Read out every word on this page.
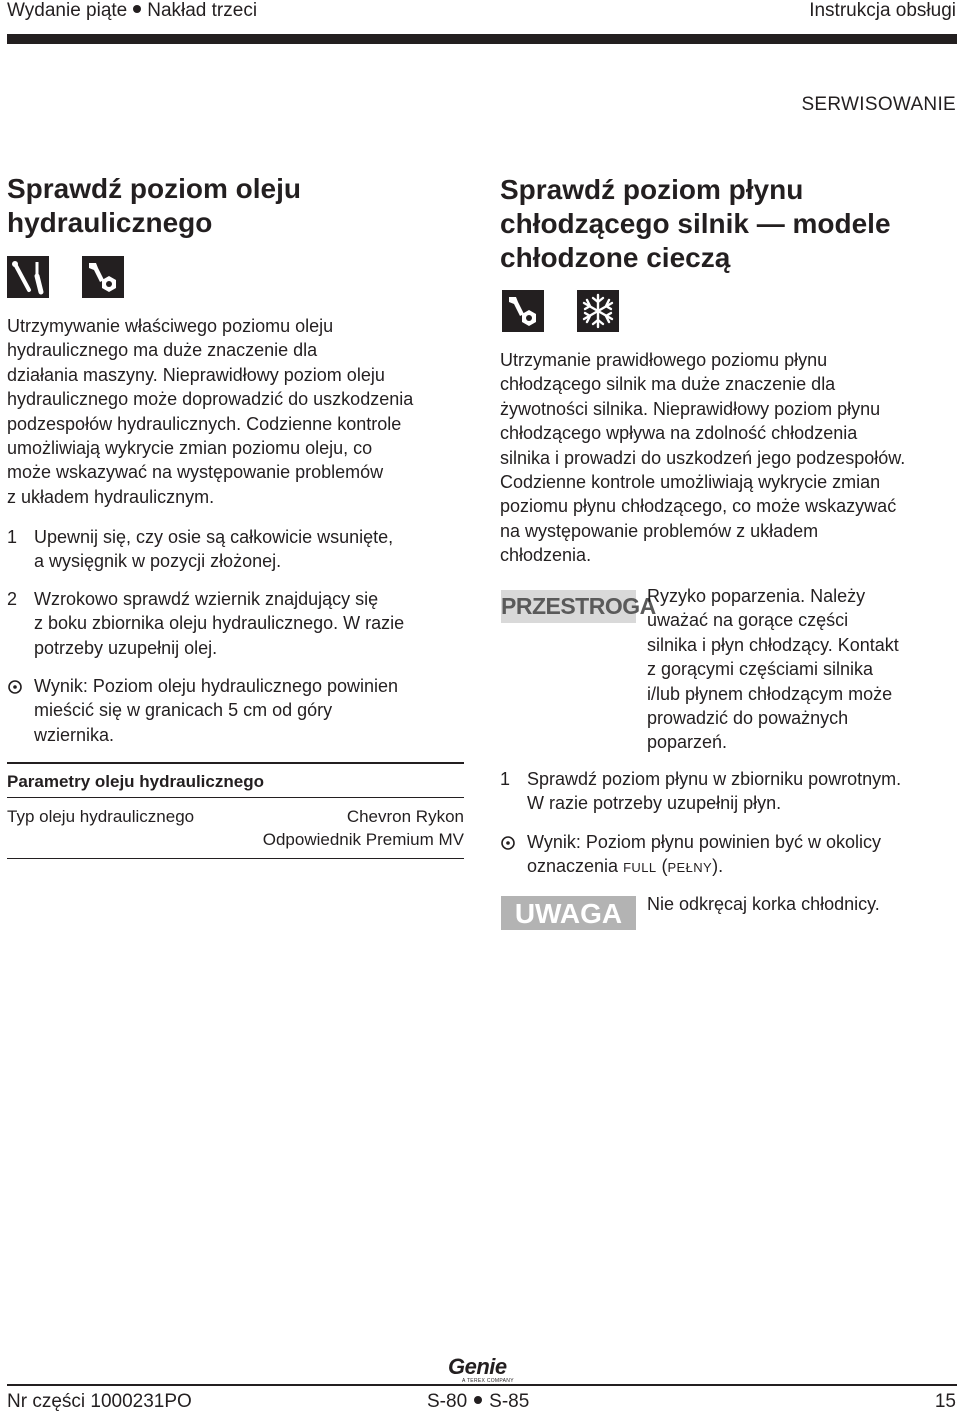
Wydanie piąte Nakład trzeci	Instrukcja obsługi
SERWISOWANIE
Sprawdź poziom oleju
hydraulicznego
Utrzymywanie właściwego poziomu oleju
hydraulicznego ma duże znaczenie dla
działania maszyny. Nieprawidłowy poziom oleju
hydraulicznego może doprowadzić do uszkodzenia
podzespołów hydraulicznych. Codzienne kontrole
umożliwiają wykrycie zmian poziomu oleju, co
może wskazywać na występowanie problemów
z układem hydraulicznym.
1 Upewnij się, czy osie są całkowicie wsunięte,
a wysięgnik w pozycji złożonej.
2 Wzrokowo sprawdź wziernik znajdujący się
z boku zbiornika oleju hydraulicznego. W razie
potrzeby uzupełnij olej.
Wynik: Poziom oleju hydraulicznego powinien
mieścić się w granicach 5 cm od góry
wziernika.
Parametry oleju hydraulicznego
Typ oleju hydraulicznego	Chevron Rykon
Odpowiednik Premium MV
Sprawdź poziom płynu
chłodzącego silnik — modele
chłodzone cieczą
Utrzymanie prawidłowego poziomu płynu
chłodzącego silnik ma duże znaczenie dla
żywotności silnika. Nieprawidłowy poziom płynu
chłodzącego wpływa na zdolność chłodzenia
silnika i prowadzi do uszkodzeń jego podzespołów.
Codzienne kontrole umożliwiają wykrycie zmian
poziomu płynu chłodzącego, co może wskazywać
na występowanie problemów z układem
chłodzenia.
PRZESTROGA
Ryzyko poparzenia. Należy
uważać na gorące części
silnika i płyn chłodzący. Kontakt
z gorącymi częściami silnika
i/lub płynem chłodzącym może
prowadzić do poważnych
poparzeń.
1 Sprawdź poziom płynu w zbiorniku powrotnym.
W razie potrzeby uzupełnij płyn.
Wynik: Poziom płynu powinien być w okolicy
oznaczenia FULL (PEŁNY).
UWAGA	Nie odkręcaj korka chłodnicy.
Genie
A TEREX COMPANY
Nr części 1000231PO	S-80 S-85	15
